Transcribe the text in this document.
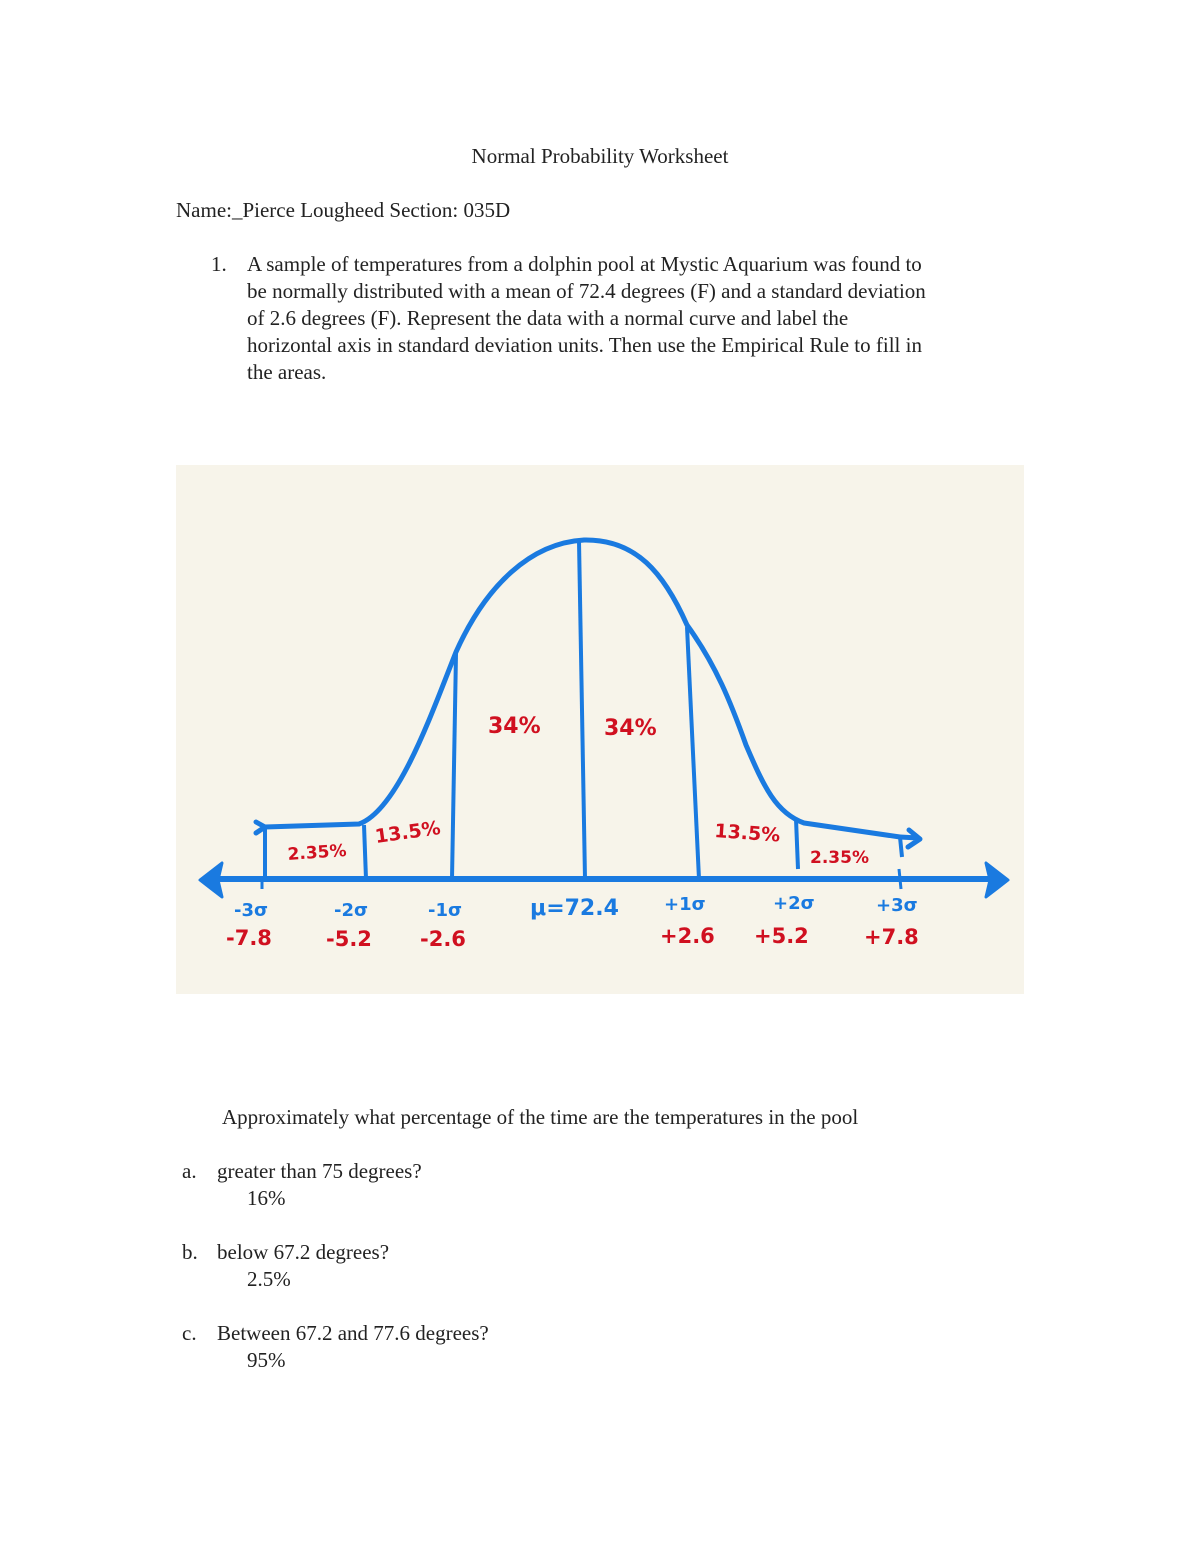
Normal Probability Worksheet
Name:_Pierce Lougheed Section: 035D
1. A sample of temperatures from a dolphin pool at Mystic Aquarium was found to
be normally distributed with a mean of 72.4 degrees (F) and a standard deviation
of 2.6 degrees (F). Represent the data with a normal curve and label the
horizontal axis in standard deviation units. Then use the Empirical Rule to fill in
the areas.
2.35%
13.5%
34%	34%
13.5%
2.35%
-3σ	-2σ	-1σ	μ=72.4	+1σ	+2σ	+3σ
-7.8	-5.2 -2.6	+2.6 +5.2	+7.8
Approximately what percentage of the time are the temperatures in the pool
a. greater than 75 degrees?
16%
b. below 67.2 degrees?
2.5%
c. Between 67.2 and 77.6 degrees?
95%
